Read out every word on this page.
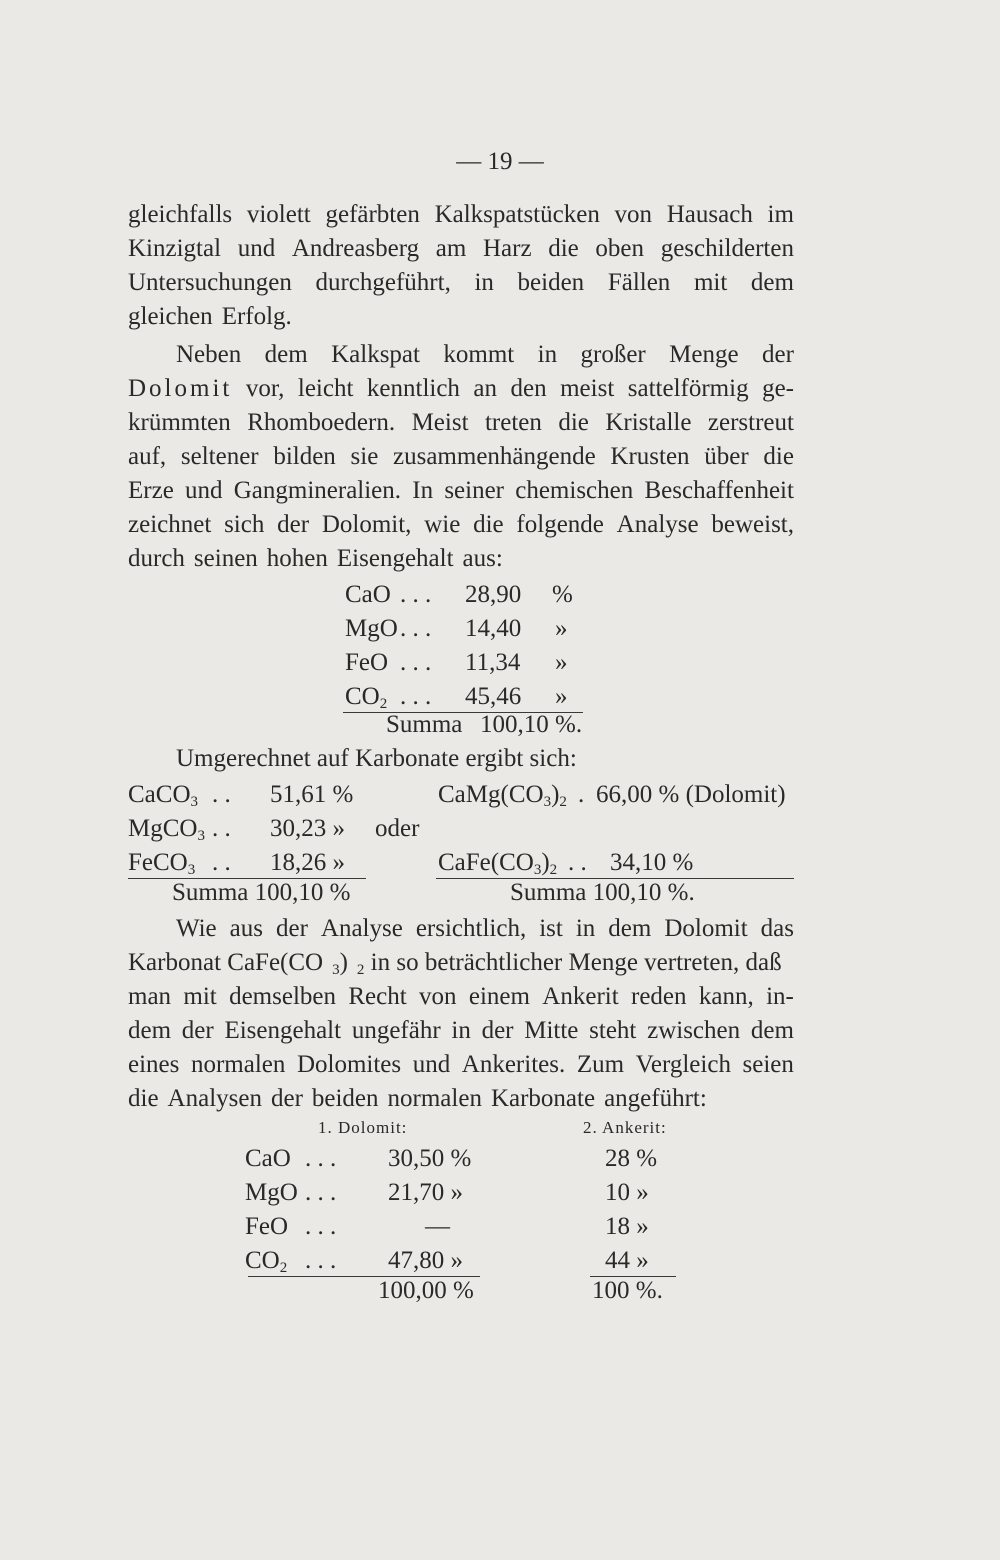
— 19 —
gleichfalls violett gefärbten Kalkspatstücken von Hausach im
Kinzigtal und Andreasberg am Harz die oben geschilderten
Untersuchungen durchgeführt, in beiden Fällen mit dem
gleichen Erfolg.
Neben dem Kalkspat kommt in großer Menge der
Dolomit vor, leicht kenntlich an den meist sattelförmig ge-
krümmten Rhomboedern. Meist treten die Kristalle zerstreut
auf, seltener bilden sie zusammenhängende Krusten über die
Erze und Gangmineralien. In seiner chemischen Beschaffenheit
zeichnet sich der Dolomit, wie die folgende Analyse beweist,
durch seinen hohen Eisengehalt aus:
CaO . . . 28,90 %
MgO . . . 14,40 »
FeO . . . 11,34 »
$CO_2$ . . . 45,46 »
Summa 100,10 %.
Umgerechnet auf Karbonate ergibt sich:
CaCO$_3$ . . 51,61 %
MgCO$_3$ . . 30,23 » oder
FeCO$_3$ . . 18,26 »
Summa 100,10 %
$CaMg(CO_3)_2$ . 66,00 % (Dolomit)
$CaFe(CO_3)_2$ . . 34,10 %
Summa 100,10 %.
Wie aus der Analyse ersichtlich, ist in dem Dolomit das
Karbonat CaFe(CO $_3$) $_2$ in so beträchtlicher Menge vertreten, daß
man mit demselben Recht von einem Ankerit reden kann, in-
dem der Eisengehalt ungefähr in der Mitte steht zwischen dem
eines normalen Dolomites und Ankerites. Zum Vergleich seien
die Analysen der beiden normalen Karbonate angeführt:
1. Dolomit:	2. Ankerit:
CaO . . . 30,50 %	28 %
MgO . . . 21,70 »	10 »
FeO . . .	—	18 »
$CO_2$ . . . 47,80 »	44 »
100,00 %	100 %.
